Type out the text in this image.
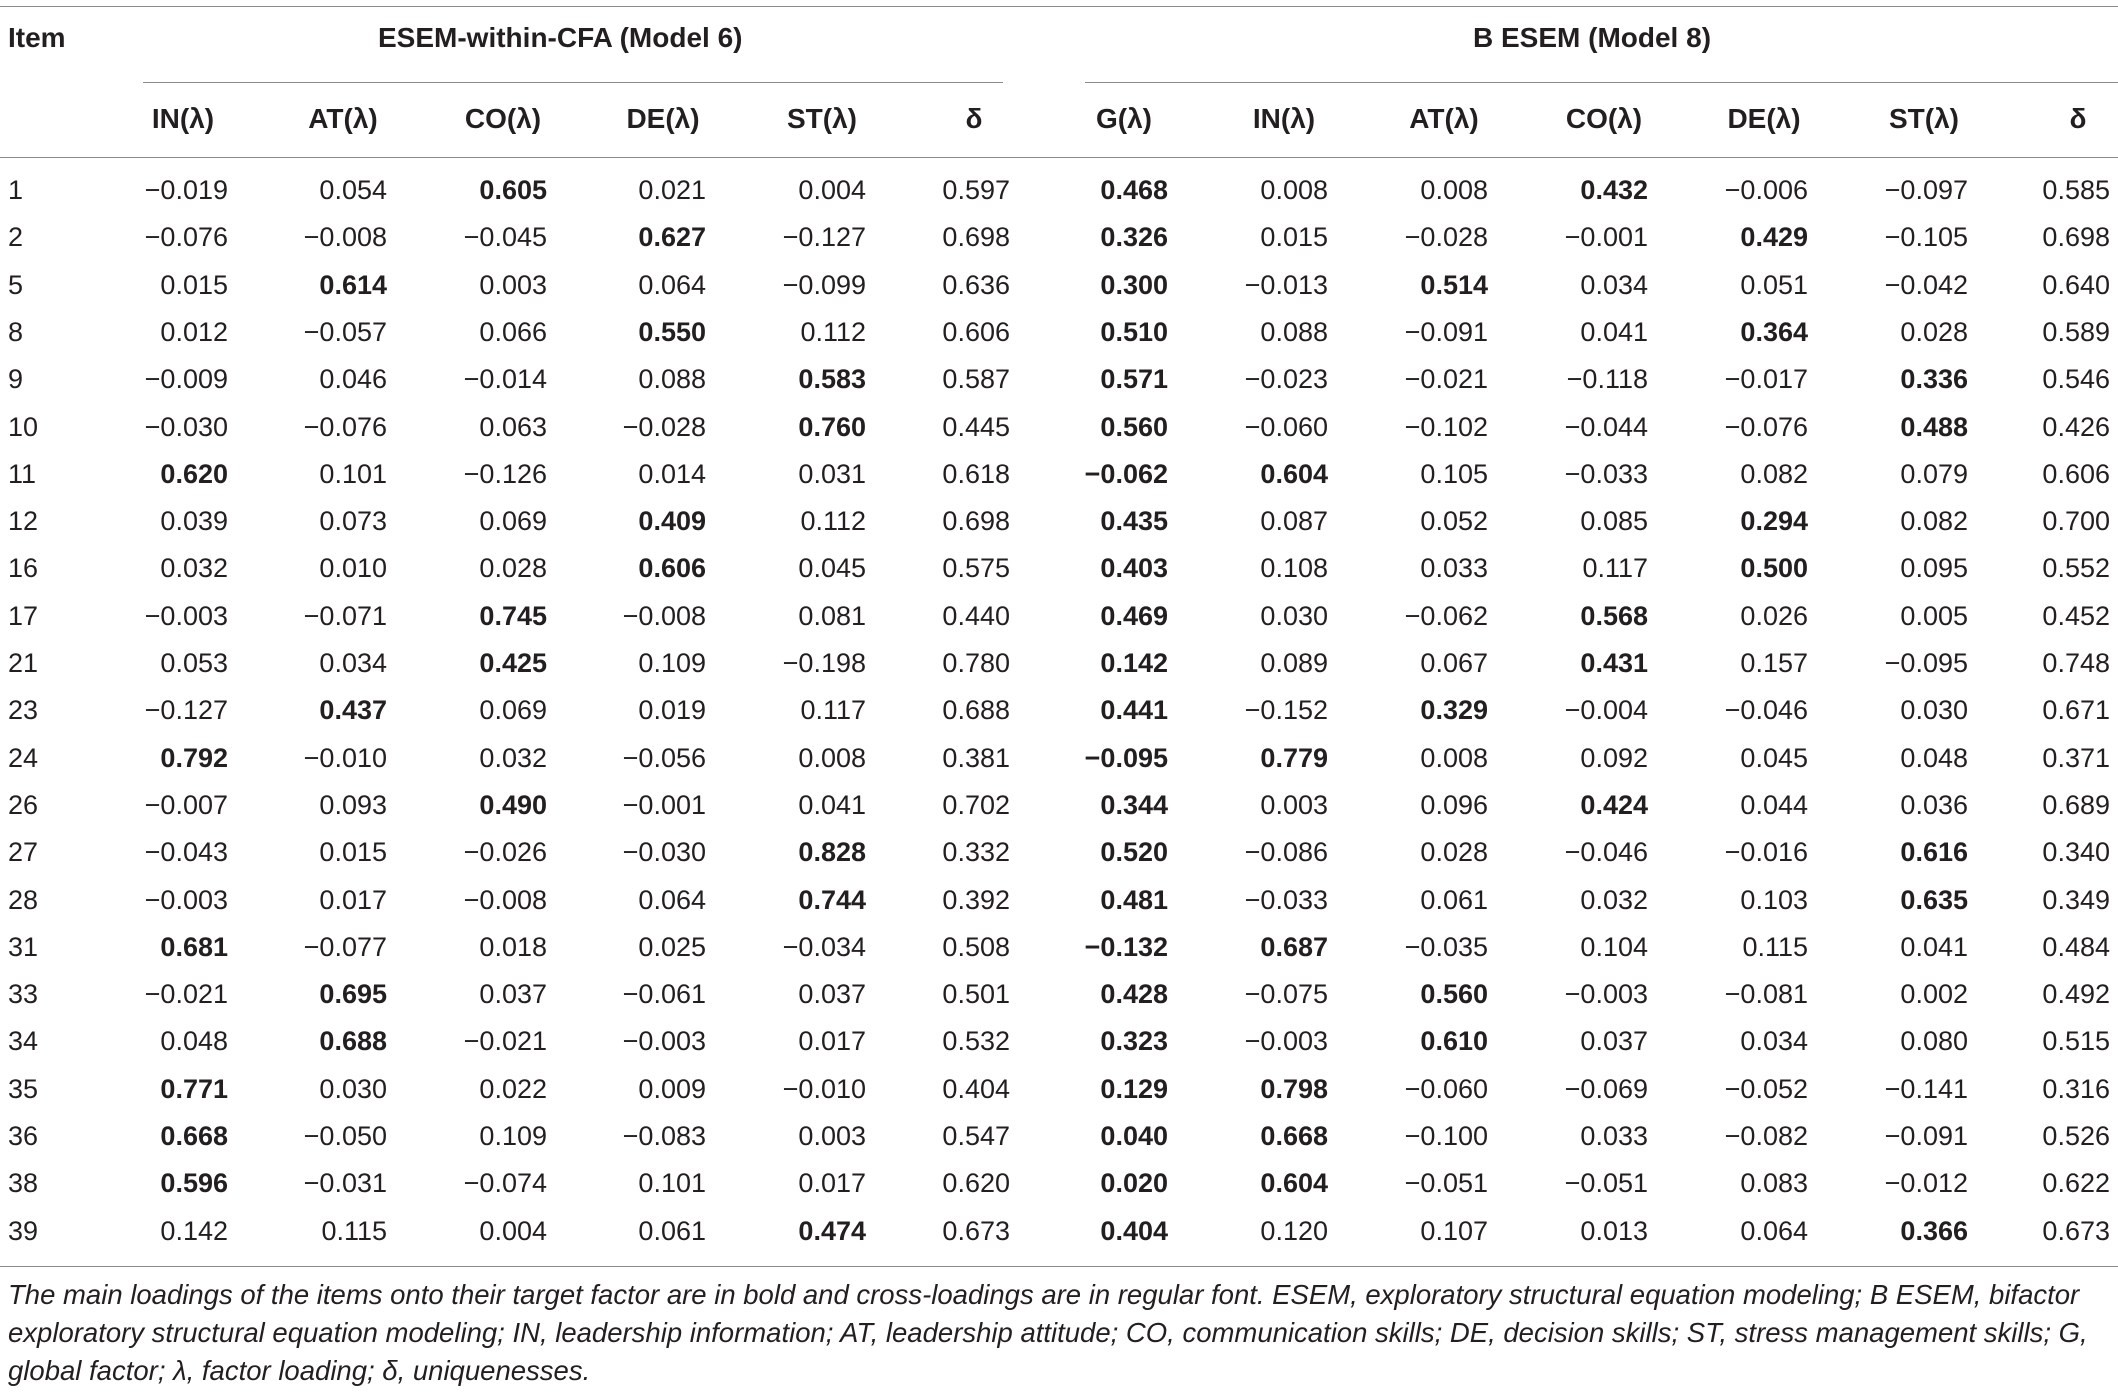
Item	ESEM-within-CFA (Model 6)	B ESEM (Model 8)
IN(λ)	AT(λ)	CO(λ)	DE(λ)	ST(λ)	δ	G(λ)	IN(λ)	AT(λ)	CO(λ)	DE(λ)	ST(λ)	δ
1	−0.019	0.054	0.605	0.021	0.004	0.597	0.468	0.008	0.008	0.432	−0.006	−0.097	0.585
2	−0.076	−0.008	−0.045	0.627	−0.127	0.698	0.326	0.015	−0.028	−0.001	0.429	−0.105	0.698
5	0.015	0.614	0.003	0.064	−0.099	0.636	0.300	−0.013	0.514	0.034	0.051	−0.042	0.640
8	0.012	−0.057	0.066	0.550	0.112	0.606	0.510	0.088	−0.091	0.041	0.364	0.028	0.589
9	−0.009	0.046	−0.014	0.088	0.583	0.587	0.571	−0.023	−0.021	−0.118	−0.017	0.336	0.546
10	−0.030	−0.076	0.063	−0.028	0.760	0.445	0.560	−0.060	−0.102	−0.044	−0.076	0.488	0.426
11	0.620	0.101	−0.126	0.014	0.031	0.618	−0.062	0.604	0.105	−0.033	0.082	0.079	0.606
12	0.039	0.073	0.069	0.409	0.112	0.698	0.435	0.087	0.052	0.085	0.294	0.082	0.700
16	0.032	0.010	0.028	0.606	0.045	0.575	0.403	0.108	0.033	0.117	0.500	0.095	0.552
17	−0.003	−0.071	0.745	−0.008	0.081	0.440	0.469	0.030	−0.062	0.568	0.026	0.005	0.452
21	0.053	0.034	0.425	0.109	−0.198	0.780	0.142	0.089	0.067	0.431	0.157	−0.095	0.748
23	−0.127	0.437	0.069	0.019	0.117	0.688	0.441	−0.152	0.329	−0.004	−0.046	0.030	0.671
24	0.792	−0.010	0.032	−0.056	0.008	0.381	−0.095	0.779	0.008	0.092	0.045	0.048	0.371
26	−0.007	0.093	0.490	−0.001	0.041	0.702	0.344	0.003	0.096	0.424	0.044	0.036	0.689
27	−0.043	0.015	−0.026	−0.030	0.828	0.332	0.520	−0.086	0.028	−0.046	−0.016	0.616	0.340
28	−0.003	0.017	−0.008	0.064	0.744	0.392	0.481	−0.033	0.061	0.032	0.103	0.635	0.349
31	0.681	−0.077	0.018	0.025	−0.034	0.508	−0.132	0.687	−0.035	0.104	0.115	0.041	0.484
33	−0.021	0.695	0.037	−0.061	0.037	0.501	0.428	−0.075	0.560	−0.003	−0.081	0.002	0.492
34	0.048	0.688	−0.021	−0.003	0.017	0.532	0.323	−0.003	0.610	0.037	0.034	0.080	0.515
35	0.771	0.030	0.022	0.009	−0.010	0.404	0.129	0.798	−0.060	−0.069	−0.052	−0.141	0.316
36	0.668	−0.050	0.109	−0.083	0.003	0.547	0.040	0.668	−0.100	0.033	−0.082	−0.091	0.526
38	0.596	−0.031	−0.074	0.101	0.017	0.620	0.020	0.604	−0.051	−0.051	0.083	−0.012	0.622
39	0.142	0.115	0.004	0.061	0.474	0.673	0.404	0.120	0.107	0.013	0.064	0.366	0.673
The main loadings of the items onto their target factor are in bold and cross-loadings are in regular font. ESEM, exploratory structural equation modeling; B ESEM, bifactor exploratory structural equation modeling; IN, leadership information; AT, leadership attitude; CO, communication skills; DE, decision skills; ST, stress management skills; G, global factor; λ, factor loading; δ, uniquenesses.
